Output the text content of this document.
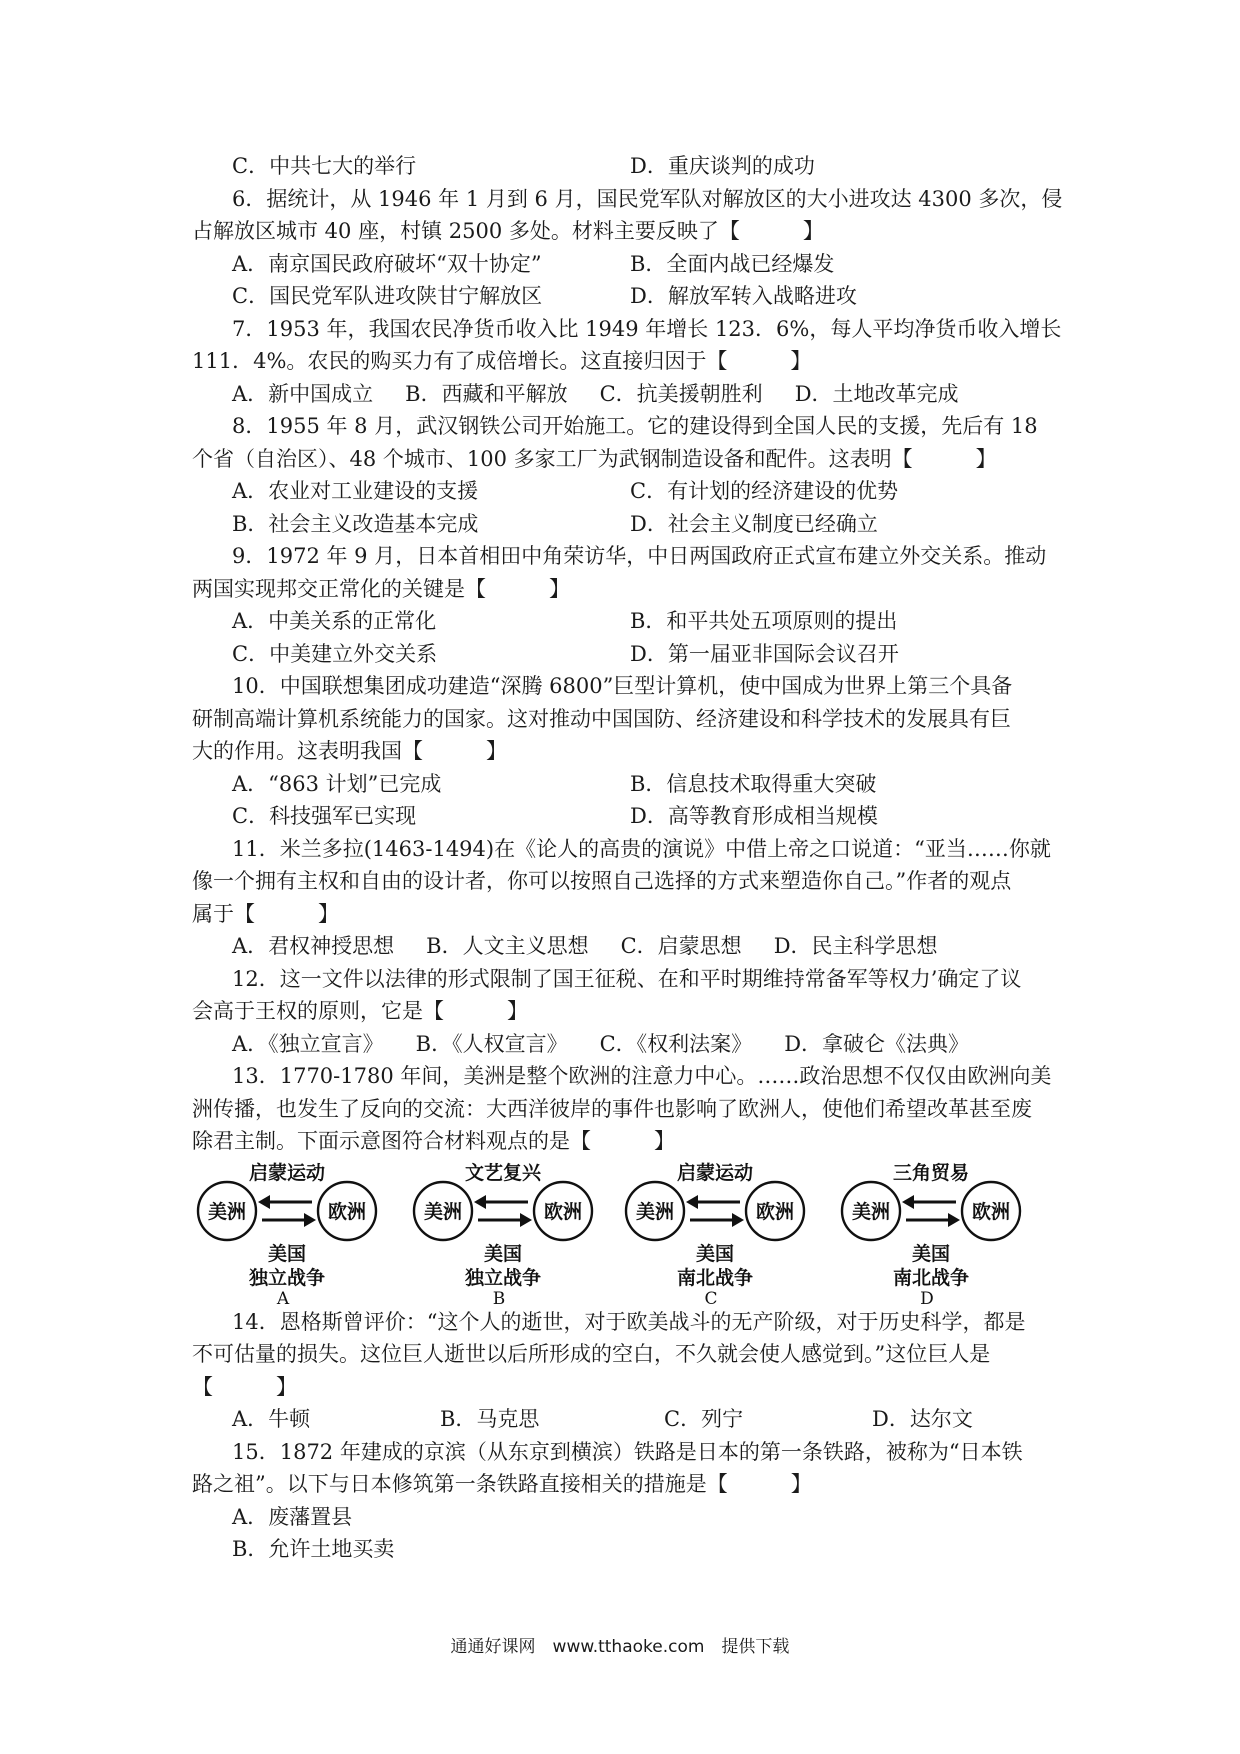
C．中共七大的举行	D．重庆谈判的成功
6．据统计，从 1946 年 1 月到 6 月，国民党军队对解放区的大小进攻达 4300 多次，侵
占解放区城市 40 座，村镇 2500 多处。材料主要反映了【　　　】
A．南京国民政府破坏“双十协定”	B．全面内战已经爆发
C．国民党军队进攻陕甘宁解放区	D．解放军转入战略进攻
7．1953 年，我国农民净货币收入比 1949 年增长 123．6%，每人平均净货币收入增长
111．4%。农民的购买力有了成倍增长。这直接归因于【　　　】
A．新中国成立	B．西藏和平解放	C．抗美援朝胜利	D．土地改革完成
8．1955 年 8 月，武汉钢铁公司开始施工。它的建设得到全国人民的支援，先后有 18
个省（自治区）、48 个城市、100 多家工厂为武钢制造设备和配件。这表明【　　　】
A．农业对工业建设的支援	C．有计划的经济建设的优势
B．社会主义改造基本完成	D．社会主义制度已经确立
9．1972 年 9 月，日本首相田中角荣访华，中日两国政府正式宣布建立外交关系。推动
两国实现邦交正常化的关键是【　　　】
A．中美关系的正常化	B．和平共处五项原则的提出
C．中美建立外交关系	D．第一届亚非国际会议召开
10．中国联想集团成功建造“深腾 6800”巨型计算机，使中国成为世界上第三个具备
研制高端计算机系统能力的国家。这对推动中国国防、经济建设和科学技术的发展具有巨
大的作用。这表明我国【　　　】
A．“863 计划”已完成	B．信息技术取得重大突破
C．科技强军已实现	D．高等教育形成相当规模
11．米兰多拉(1463-1494)在《论人的高贵的演说》中借上帝之口说道：“亚当……你就
像一个拥有主权和自由的设计者，你可以按照自己选择的方式来塑造你自己。”作者的观点
属于【　　　】
A．君权神授思想	B．人文主义思想	C．启蒙思想	D．民主科学思想
12．这一文件以法律的形式限制了国王征税、在和平时期维持常备军等权力’确定了议
会高于王权的原则，它是【　　　】
A．《独立宣言》	B．《人权宣言》	C．《权利法案》	D．拿破仑《法典》
13．1770-1780 年间，美洲是整个欧洲的注意力中心。……政治思想不仅仅由欧洲向美
洲传播，也发生了反向的交流：大西洋彼岸的事件也影响了欧洲人，使他们希望改革甚至废
除君主制。下面示意图符合材料观点的是【　　　】
启蒙运动
美洲	欧洲
美国
独立战争
A
文艺复兴
美洲	欧洲
美国
独立战争
B
启蒙运动
美洲	欧洲
美国
南北战争
C
三角贸易
美洲	欧洲
美国
南北战争
D
14．恩格斯曾评价：“这个人的逝世，对于欧美战斗的无产阶级，对于历史科学，都是
不可估量的损失。这位巨人逝世以后所形成的空白，不久就会使人感觉到。”这位巨人是
【　　　】
A．牛顿	B．马克思	C．列宁	D．达尔文
15．1872 年建成的京滨（从东京到横滨）铁路是日本的第一条铁路，被称为“日本铁
路之祖”。以下与日本修筑第一条铁路直接相关的措施是【　　　】
A．废藩置县
B．允许土地买卖
通通好课网　www.tthaoke.com　提供下载
